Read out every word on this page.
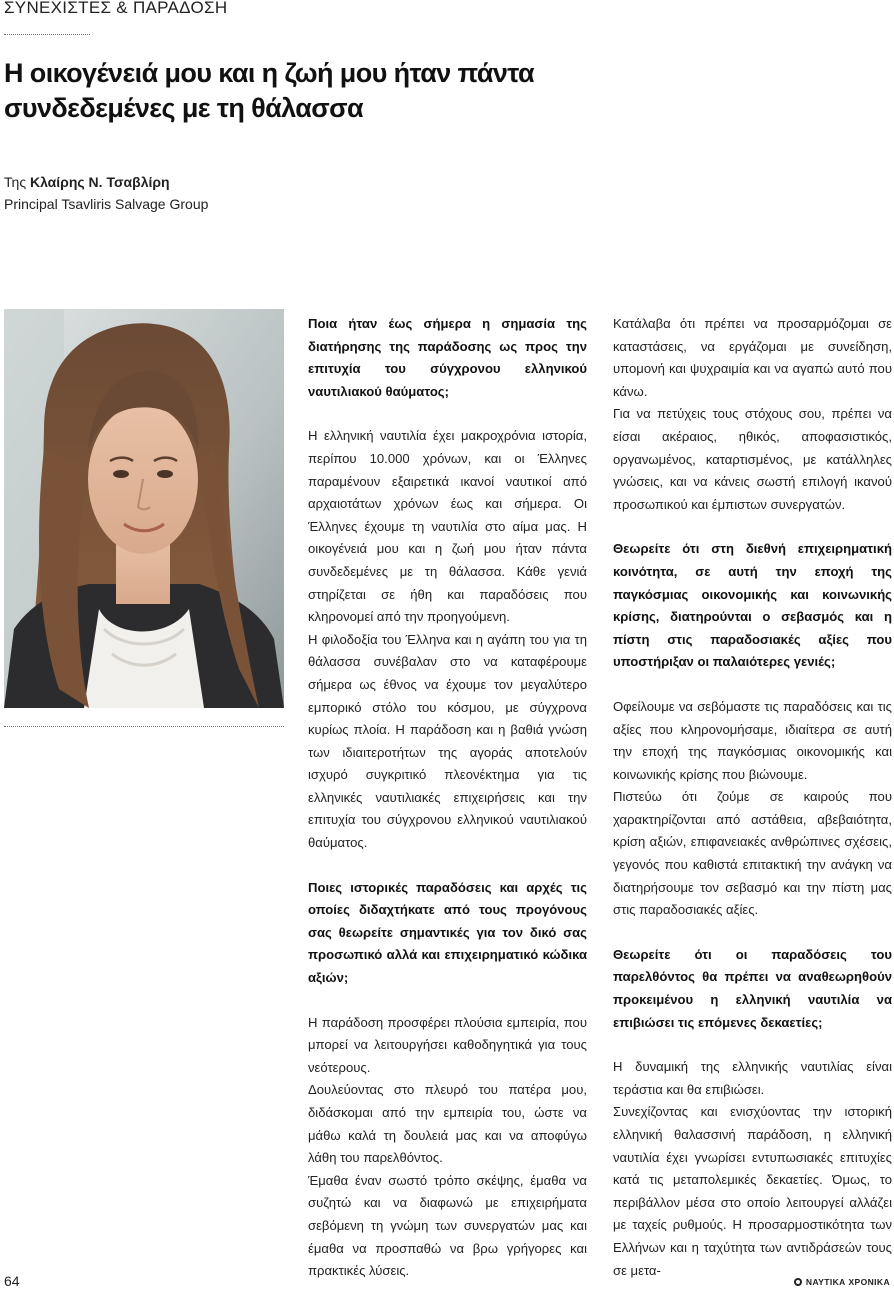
ΣΥΝΕΧΙΣΤΕΣ & ΠΑΡΑΔΟΣΗ
Η οικογένειά μου και η ζωή μου ήταν πάντα συνδεδεμένες με τη θάλασσα
Της Κλαίρης Ν. Τσαβλίρη
Principal Tsavliris Salvage Group

Ποια ήταν έως σήμερα η σημασία της διατήρησης της παράδοσης ως προς την επιτυχία του σύγχρονου ελληνικού ναυτιλιακού θαύματος;

Η ελληνική ναυτιλία έχει μακροχρόνια ιστορία, περίπου 10.000 χρόνων, και οι Έλληνες παραμένουν εξαιρετικά ικανοί ναυτικοί από αρχαιοτάτων χρόνων έως και σήμερα. Οι Έλληνες έχουμε τη ναυτιλία στο αίμα μας. Η οικογένειά μου και η ζωή μου ήταν πάντα συνδεδεμένες με τη θάλασσα. Κάθε γενιά στηρίζεται σε ήθη και παραδόσεις που κληρονομεί από την προηγούμενη.

Η φιλοδοξία του Έλληνα και η αγάπη του για τη θάλασσα συνέβαλαν στο να καταφέρουμε σήμερα ως έθνος να έχουμε τον μεγαλύτερο εμπορικό στόλο του κόσμου, με σύγχρονα κυρίως πλοία. Η παράδοση και η βαθιά γνώση των ιδιαιτεροτήτων της αγοράς αποτελούν ισχυρό συγκριτικό πλεονέκτημα για τις ελληνικές ναυτιλιακές επιχειρήσεις και την επιτυχία του σύγχρονου ελληνικού ναυτιλιακού θαύματος.

Ποιες ιστορικές παραδόσεις και αρχές τις οποίες διδαχτήκατε από τους προγόνους σας θεωρείτε σημαντικές για τον δικό σας προσωπικό αλλά και επιχειρηματικό κώδικα αξιών;

Η παράδοση προσφέρει πλούσια εμπειρία, που μπορεί να λειτουργήσει καθοδηγητικά για τους νεότερους.

Δουλεύοντας στο πλευρό του πατέρα μου, διδάσκομαι από την εμπειρία του, ώστε να μάθω καλά τη δουλειά μας και να αποφύγω λάθη του παρελθόντος.

Έμαθα έναν σωστό τρόπο σκέψης, έμαθα να συζητώ και να διαφωνώ με επιχειρήματα σεβόμενη τη γνώμη των συνεργατών μας και έμαθα να προσπαθώ να βρω γρήγορες και πρακτικές λύσεις.

Κατάλαβα ότι πρέπει να προσαρμόζομαι σε καταστάσεις, να εργάζομαι με συνείδηση, υπομονή και ψυχραιμία και να αγαπώ αυτό που κάνω.

Για να πετύχεις τους στόχους σου, πρέπει να είσαι ακέραιος, ηθικός, αποφασιστικός, οργανωμένος, καταρτισμένος, με κατάλληλες γνώσεις, και να κάνεις σωστή επιλογή ικανού προσωπικού και έμπιστων συνεργατών.

Θεωρείτε ότι στη διεθνή επιχειρηματική κοινότητα, σε αυτή την εποχή της παγκόσμιας οικονομικής και κοινωνικής κρίσης, διατηρούνται ο σεβασμός και η πίστη στις παραδοσιακές αξίες που υποστήριξαν οι παλαιότερες γενιές;

Οφείλουμε να σεβόμαστε τις παραδόσεις και τις αξίες που κληρονομήσαμε, ιδιαίτερα σε αυτή την εποχή της παγκόσμιας οικονομικής και κοινωνικής κρίσης που βιώνουμε.

Πιστεύω ότι ζούμε σε καιρούς που χαρακτηρίζονται από αστάθεια, αβεβαιότητα, κρίση αξιών, επιφανειακές ανθρώπινες σχέσεις, γεγονός που καθιστά επιτακτική την ανάγκη να διατηρήσουμε τον σεβασμό και την πίστη μας στις παραδοσιακές αξίες.

Θεωρείτε ότι οι παραδόσεις του παρελθόντος θα πρέπει να αναθεωρηθούν προκειμένου η ελληνική ναυτιλία να επιβιώσει τις επόμενες δεκαετίες;

Η δυναμική της ελληνικής ναυτιλίας είναι τεράστια και θα επιβιώσει.

Συνεχίζοντας και ενισχύοντας την ιστορική ελληνική θαλασσινή παράδοση, η ελληνική ναυτιλία έχει γνωρίσει εντυπωσιακές επιτυχίες κατά τις μεταπολεμικές δεκαετίες. Όμως, το περιβάλλον μέσα στο οποίο λειτουργεί αλλάζει με ταχείς ρυθμούς. Η προσαρμοστικότητα των Ελλήνων και η ταχύτητα των αντιδράσεών τους σε μετα-

64	ΝΑΥΤΙΚΑ ΧΡΟΝΙΚΑ
